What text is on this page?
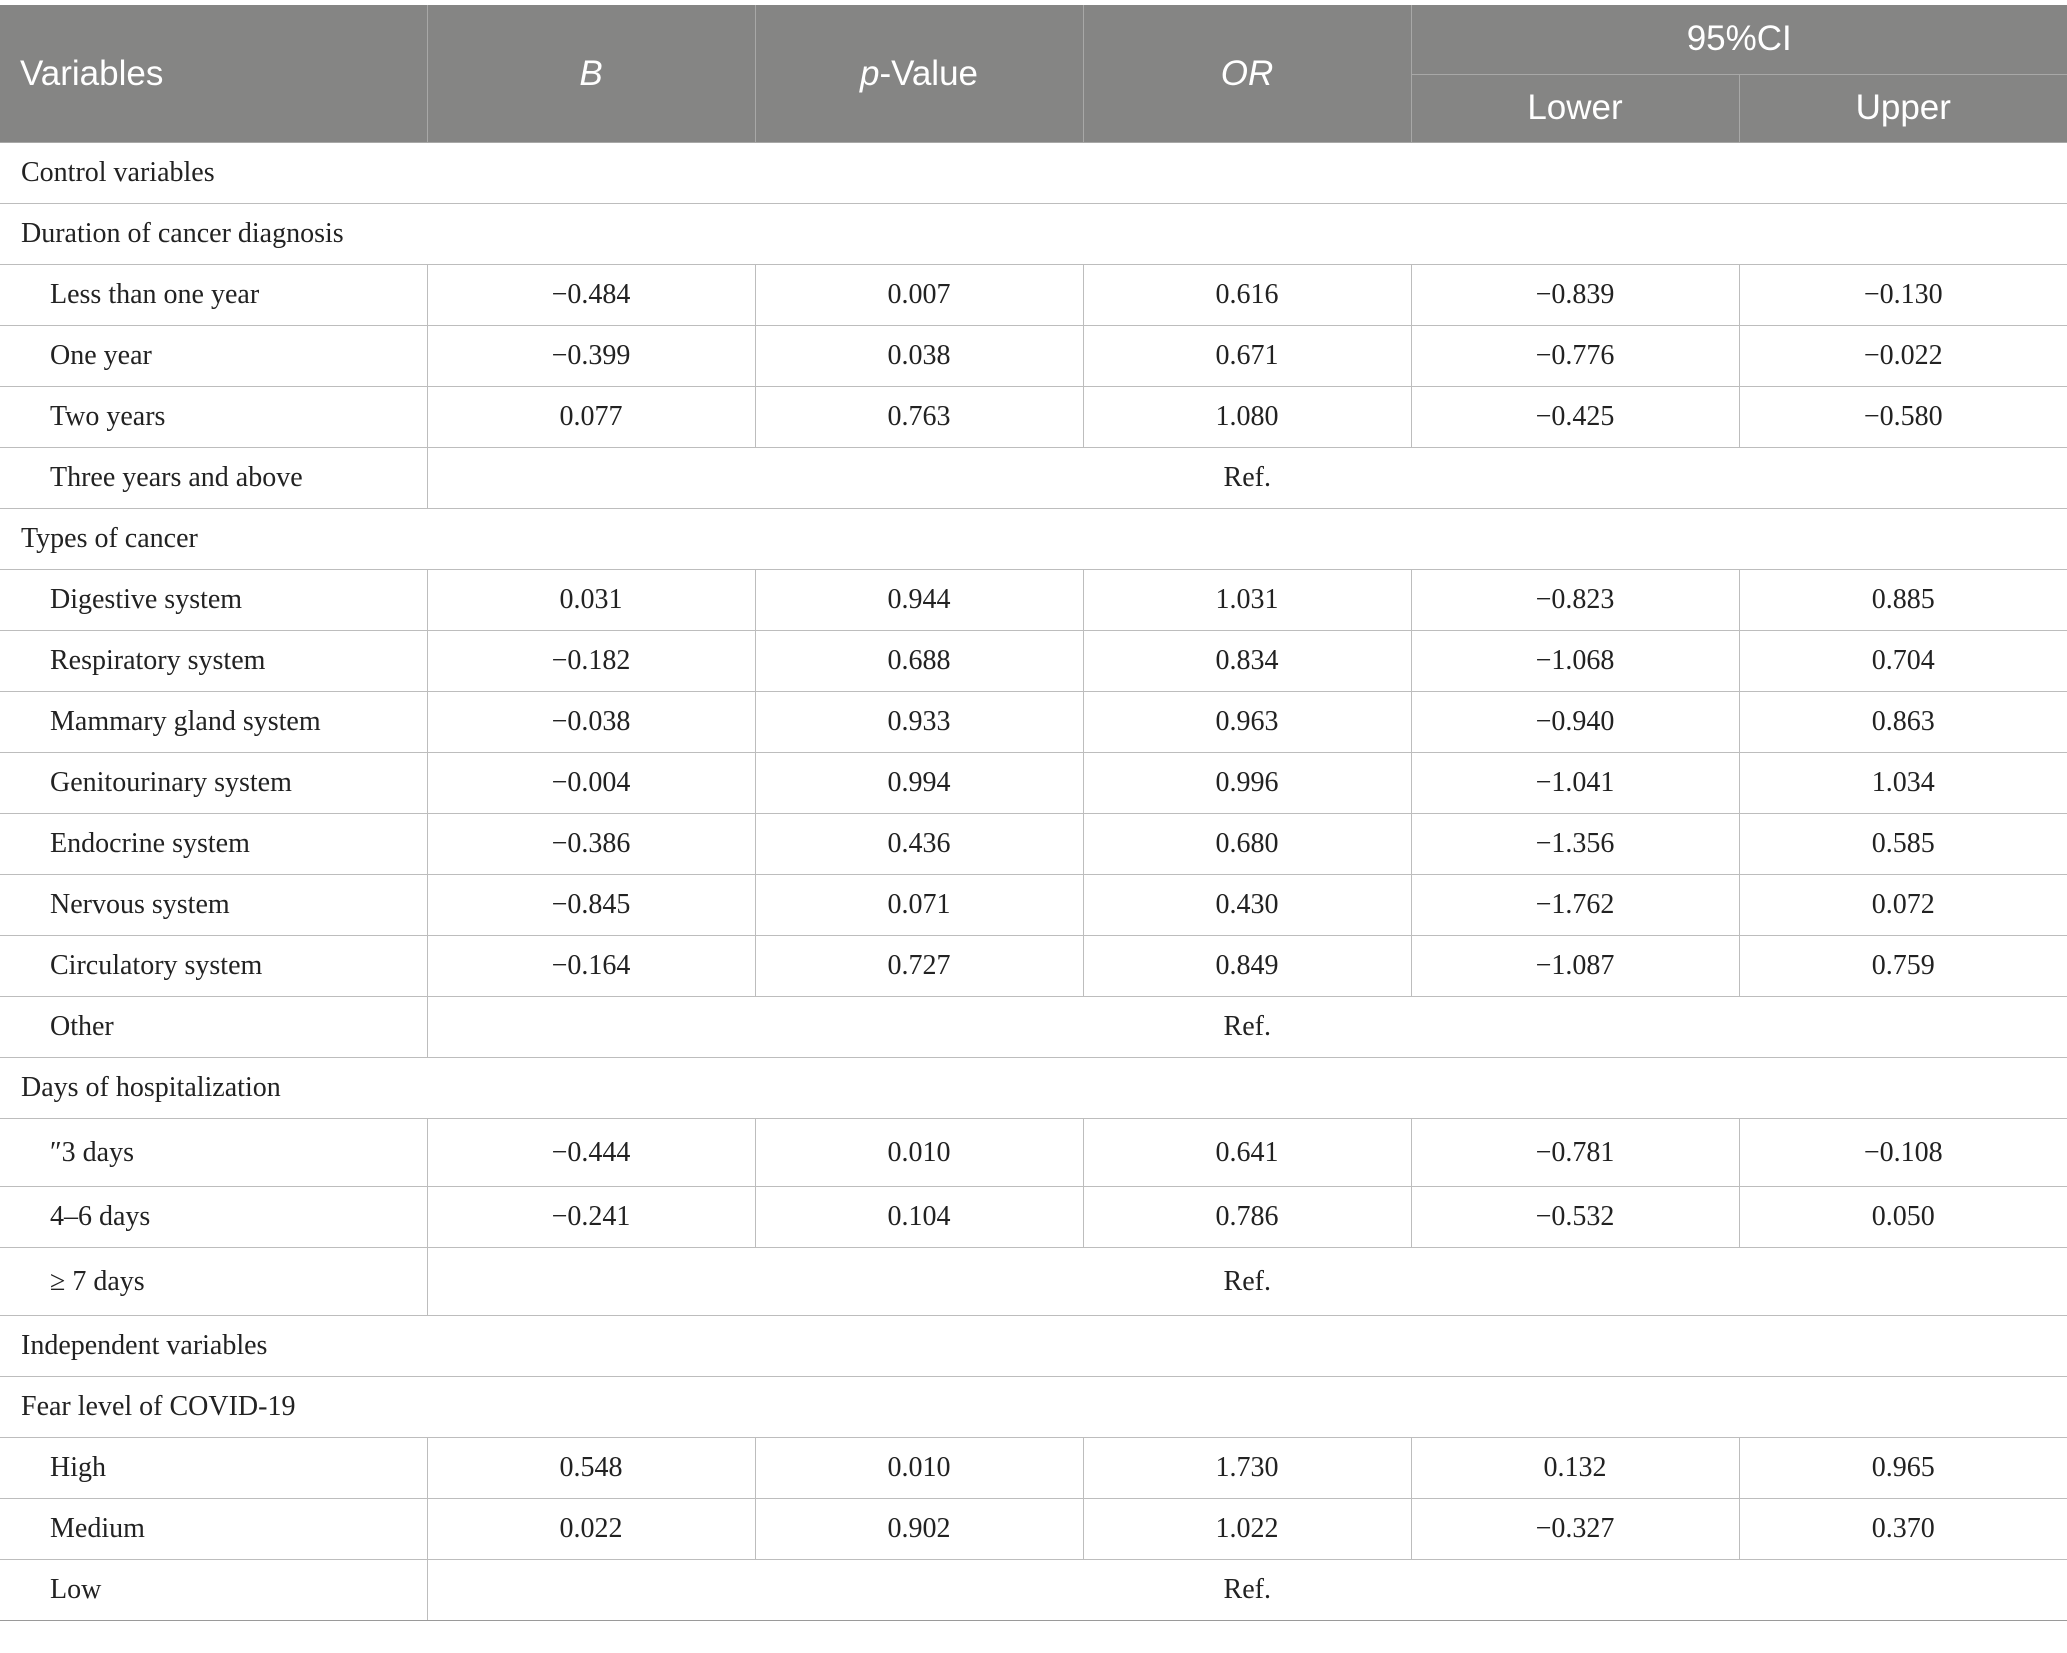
Variables	B	p-Value	OR	95%CI	
				Lower	Upper
Control variables					
Duration of cancer diagnosis					
Less than one year	−0.484	0.007	0.616	−0.839	−0.130
One year	−0.399	0.038	0.671	−0.776	−0.022
Two years	0.077	0.763	1.080	−0.425	−0.580
Three years and above	Ref.				
Types of cancer					
Digestive system	0.031	0.944	1.031	−0.823	0.885
Respiratory system	−0.182	0.688	0.834	−1.068	0.704
Mammary gland system	−0.038	0.933	0.963	−0.940	0.863
Genitourinary system	−0.004	0.994	0.996	−1.041	1.034
Endocrine system	−0.386	0.436	0.680	−1.356	0.585
Nervous system	−0.845	0.071	0.430	−1.762	0.072
Circulatory system	−0.164	0.727	0.849	−1.087	0.759
Other	Ref.				
Days of hospitalization					
″3 days	−0.444	0.010	0.641	−0.781	−0.108
4–6 days	−0.241	0.104	0.786	−0.532	0.050
≥ 7 days	Ref.				
Independent variables					
Fear level of COVID-19					
High	0.548	0.010	1.730	0.132	0.965
Medium	0.022	0.902	1.022	−0.327	0.370
Low	Ref.				
